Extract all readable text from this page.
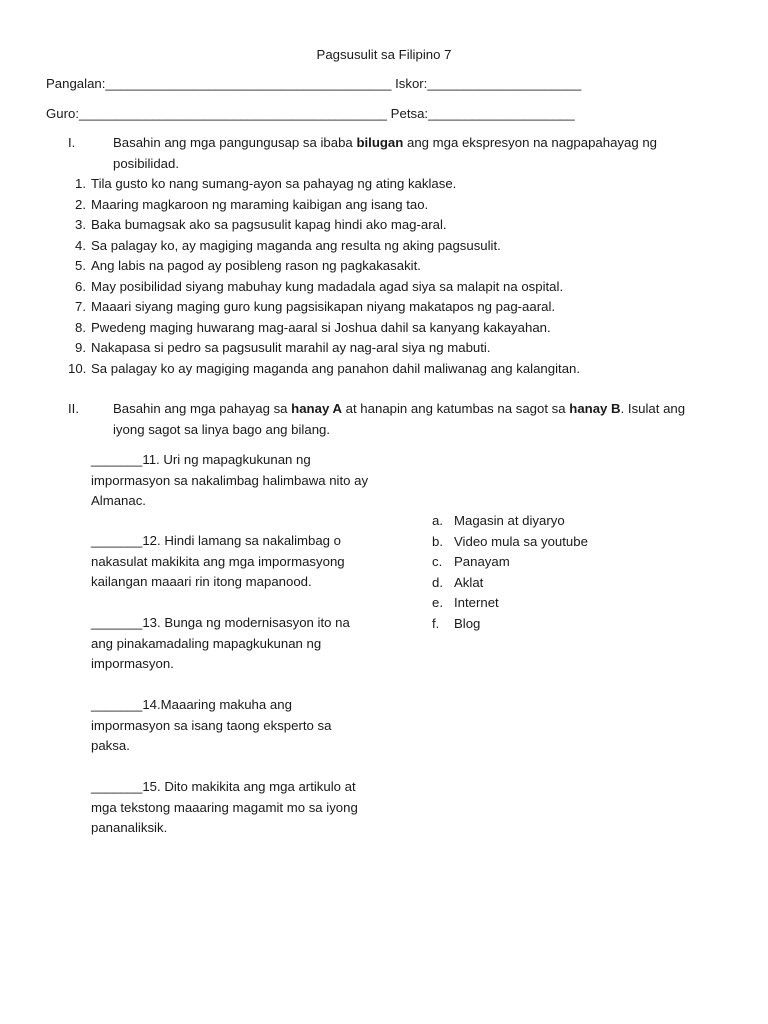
Pagsusulit sa Filipino 7
Pangalan:_______________________________________ Iskor:_____________________
Guro:__________________________________________ Petsa:____________________
I.	Basahin ang mga pangungusap sa ibaba bilugan ang mga ekspresyon na nagpapahayag ng posibilidad.
1. Tila gusto ko nang sumang-ayon sa pahayag ng ating kaklase.
2. Maaring magkaroon ng maraming kaibigan ang isang tao.
3. Baka bumagsak ako sa pagsusulit kapag hindi ako mag-aral.
4. Sa palagay ko, ay magiging maganda ang resulta ng aking pagsusulit.
5. Ang labis na pagod ay posibleng rason ng pagkakasakit.
6. May posibilidad siyang mabuhay kung madadala agad siya sa malapit na ospital.
7. Maaari siyang maging guro kung pagsisikapan niyang makatapos ng pag-aaral.
8. Pwedeng maging huwarang mag-aaral si Joshua dahil sa kanyang kakayahan.
9. Nakapasa si pedro sa pagsusulit marahil ay nag-aral siya ng mabuti.
10. Sa palagay ko ay magiging maganda ang panahon dahil maliwanag ang kalangitan.
II.	Basahin ang mga pahayag sa hanay A at hanapin ang katumbas na sagot sa hanay B. Isulat ang iyong sagot sa linya bago ang bilang.
_______11. Uri ng mapagkukunan ng impormasyon sa nakalimbag halimbawa nito ay Almanac.
_______12. Hindi lamang sa nakalimbag o nakasulat makikita ang mga impormasyong kailangan maaari rin itong mapanood.
_______13. Bunga ng modernisasyon ito na ang pinakamadaling mapagkukunan ng impormasyon.
_______14.Maaaring makuha ang impormasyon sa isang taong eksperto sa paksa.
_______15. Dito makikita ang mga artikulo at mga tekstong maaaring magamit mo sa iyong pananaliksik.
a. Magasin at diyaryo
b. Video mula sa youtube
c. Panayam
d. Aklat
e. Internet
f. Blog
